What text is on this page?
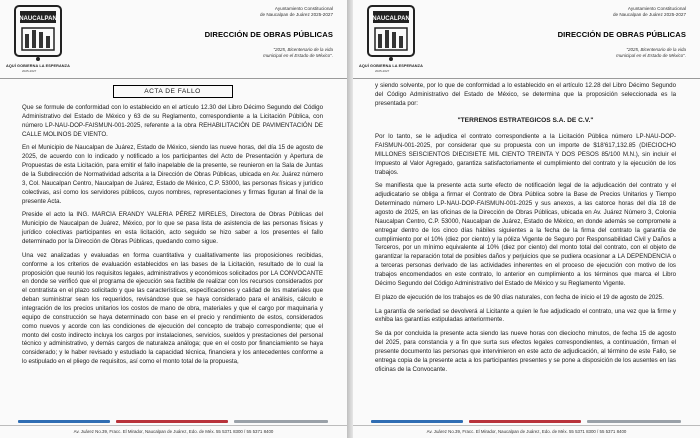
NAUCALPAN
AQUÍ GOBIERNA LA ESPERANZA
2025-2027
Ayuntamiento Constitucional
de Naucalpan de Juárez 2025-2027
DIRECCIÓN DE OBRAS PÚBLICAS
"2025, Bicentenario de la vida
municipal en el Estado de México".
ACTA DE FALLO

Que se formule de conformidad con lo establecido en el artículo 12.30 del Libro Décimo Segundo del Código Administrativo del Estado de México y 63 de su Reglamento, correspondiente a la Licitación Pública, con número LP-NAU-DOP-FAISMUN-001-2025, referente a la obra REHABILITACIÓN DE PAVIMENTACIÓN DE CALLE MOLINOS DE VIENTO.

En el Municipio de Naucalpan de Juárez, Estado de México, siendo las nueve horas, del día 15 de agosto de 2025, de acuerdo con lo indicado y notificado a los participantes del Acto de Presentación y Apertura de Propuestas de esta Licitación, para emitir el fallo inapelable de la presente, se reunieron en la Sala de Juntas de la Subdirección de Normatividad adscrita a la Dirección de Obras Públicas, ubicada en Av. Juárez número 3, Col. Naucalpan Centro, Naucalpan de Juárez, Estado de México, C.P. 53000, las personas físicas y jurídico colectivas, así como los servidores públicos, cuyos nombres, representaciones y firmas figuran al final de la presente Acta.

Preside el acto la ING. MARCIA ERANDY VALERIA PÉREZ MIRELES, Directora de Obras Públicas del Municipio de Naucalpan de Juárez, México, por lo que se pasa lista de asistencia de las personas físicas y jurídico colectivas participantes en esta licitación, acto seguido se hizo saber a los presentes el fallo determinado por la Dirección de Obras Públicas, quedando como sigue.

Una vez analizadas y evaluadas en forma cuantitativa y cualitativamente las proposiciones recibidas, conforme a los criterios de evaluación establecidos en las bases de la Licitación, resultado de lo cual la proposición que reunió los requisitos legales, administrativos y económicos solicitados por LA CONVOCANTE en donde se verificó que el programa de ejecución sea factible de realizar con los recursos considerados por el contratista en el plazo solicitado y que las características, especificaciones y calidad de los materiales que deban suministrar sean los requeridos, revisándose que se haya considerado para el análisis, cálculo e integración de los precios unitarios los costos de mano de obra, materiales y que el cargo por maquinaria y equipo de construcción se haya determinado con base en el precio y rendimiento de estos, considerados como nuevos y acorde con las condiciones de ejecución del concepto de trabajo correspondiente; que el monto del costo indirecto incluya los cargos por instalaciones, servicios, sueldos y prestaciones del personal técnico y administrativo, y demás cargos de naturaleza análoga; que en el costo por financiamiento se haya considerado; y le haber revisado y estudiado la capacidad técnica, financiera y los antecedentes conforme a lo estipulado en el pliego de requisitos, así como el monto total de la propuesta,

Av. Juárez No.39, Fracc. El Mirador, Naucalpan de Juárez, Edo. de Méx. 55 5371 8300 / 55 5371 8400
NAUCALPAN
AQUÍ GOBIERNA LA ESPERANZA
2025-2027
Ayuntamiento Constitucional
de Naucalpan de Juárez 2025-2027
DIRECCIÓN DE OBRAS PÚBLICAS
"2025, Bicentenario de la vida
municipal en el Estado de México".

y siendo solvente, por lo que de conformidad a lo establecido en el artículo 12.28 del Libro Décimo Segundo del Código Administrativo del Estado de México, se determina que la proposición seleccionada es la presentada por:

"TERRENOS ESTRATEGICOS S.A. DE C.V."

Por lo tanto, se le adjudica el contrato correspondiente a la Licitación Pública número LP-NAU-DOP-FAISMUN-001-2025, por considerar que su propuesta con un importe de $18'617,132.85 (DIECIOCHO MILLONES SEISCIENTOS DIECISIETE MIL CIENTO TREINTA Y DOS PESOS 85/100 M.N.), sin incluir el Impuesto al Valor Agregado, garantiza satisfactoriamente el cumplimiento del contrato y la ejecución de los trabajos.

Se manifiesta que la presente acta surte efecto de notificación legal de la adjudicación del contrato y el adjudicatario se obliga a firmar el Contrato de Obra Pública sobre la Base de Precios Unitarios y Tiempo Determinado número LP-NAU-DOP-FAISMUN-001-2025 y sus anexos, a las catorce horas del día 18 de agosto de 2025, en las oficinas de la Dirección de Obras Públicas, ubicada en Av. Juárez Número 3, Colonia Naucalpan Centro, C.P. 53000, Naucalpan de Juárez, Estado de México, en donde además se compromete a entregar dentro de los cinco días hábiles siguientes a la fecha de la firma del contrato la garantía de cumplimiento por el 10% (diez por ciento) y la póliza Vigente de Seguro por Responsabilidad Civil y Daños a Terceros, por un mínimo equivalente al 10% (diez por ciento) del monto total del contrato, con el objeto de garantizar la reparación total de posibles daños y perjuicios que se pudiera ocasionar a LA DEPENDENCIA o a terceras personas derivado de las actividades inherentes en el proceso de ejecución con motivo de los trabajos encomendados en este contrato, lo anterior en cumplimiento a los términos que marca el Libro Décimo Segundo del Código Administrativo del Estado de México y su Reglamento Vigente.

El plazo de ejecución de los trabajos es de 90 días naturales, con fecha de inicio el 19 de agosto de 2025.

La garantía de seriedad se devolverá al Licitante a quien le fue adjudicado el contrato, una vez que la firme y exhiba las garantías estipuladas anteriormente.

Se da por concluida la presente acta siendo las nueve horas con dieciocho minutos, de fecha 15 de agosto del 2025, para constancia y a fin que surta sus efectos legales correspondientes, a continuación, firman el presente documento las personas que intervinieron en este acto de adjudicación, al término de este Fallo, se entrega copia de la presente acta a los participantes presentes y se pone a disposición de los ausentes en las oficinas de la Convocante.

Av. Juárez No.39, Fracc. El Mirador, Naucalpan de Juárez, Edo. de Méx. 55 5371 8300 / 55 5371 8400
